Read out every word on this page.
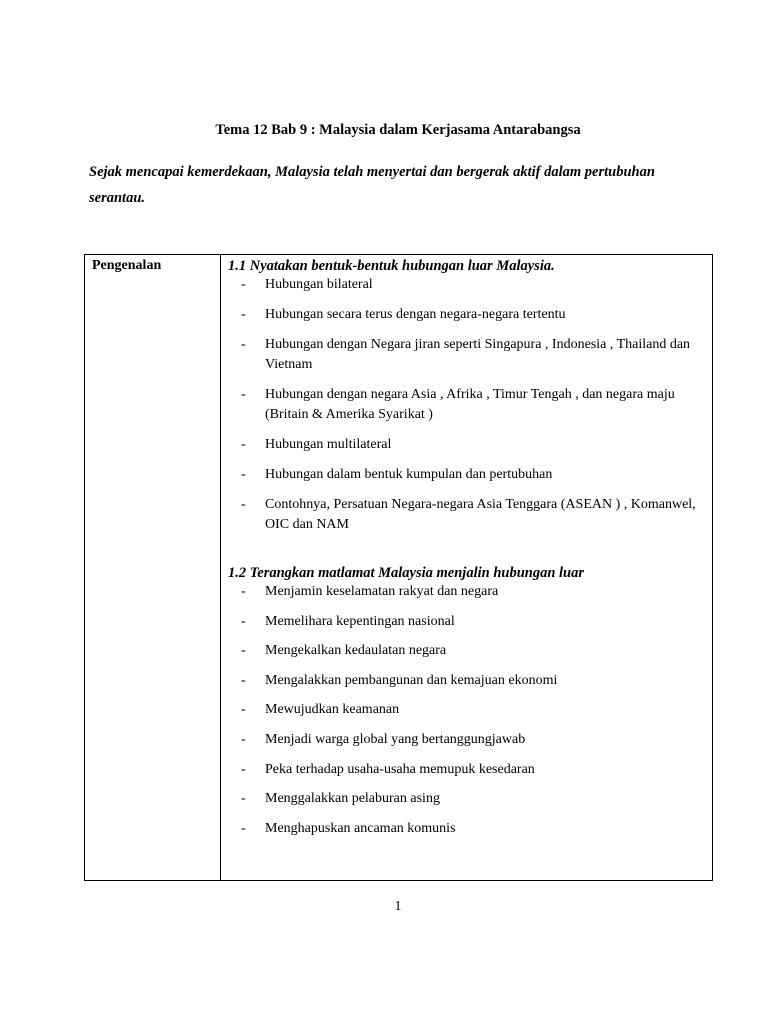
Tema 12 Bab 9 : Malaysia dalam Kerjasama Antarabangsa
Sejak mencapai kemerdekaan, Malaysia telah menyertai dan bergerak aktif dalam pertubuhan serantau.
Pengenalan	1.1 Nyatakan bentuk-bentuk hubungan luar Malaysia.

- Hubungan bilateral
- Hubungan secara terus dengan negara-negara tertentu
- Hubungan dengan Negara jiran seperti Singapura , Indonesia , Thailand dan Vietnam
- Hubungan dengan negara Asia , Afrika , Timur Tengah , dan negara maju (Britain & Amerika Syarikat )
- Hubungan multilateral
- Hubungan dalam bentuk kumpulan dan pertubuhan
- Contohnya, Persatuan Negara-negara Asia Tenggara (ASEAN ) , Komanwel, OIC dan NAM

1.2 Terangkan matlamat Malaysia menjalin hubungan luar

- Menjamin keselamatan rakyat dan negara
- Memelihara kepentingan nasional
- Mengekalkan kedaulatan negara
- Mengalakkan pembangunan dan kemajuan ekonomi
- Mewujudkan keamanan
- Menjadi warga global yang bertanggungjawab
- Peka terhadap usaha-usaha memupuk kesedaran
- Menggalakkan pelaburan asing
- Menghapuskan ancaman komunis
1
